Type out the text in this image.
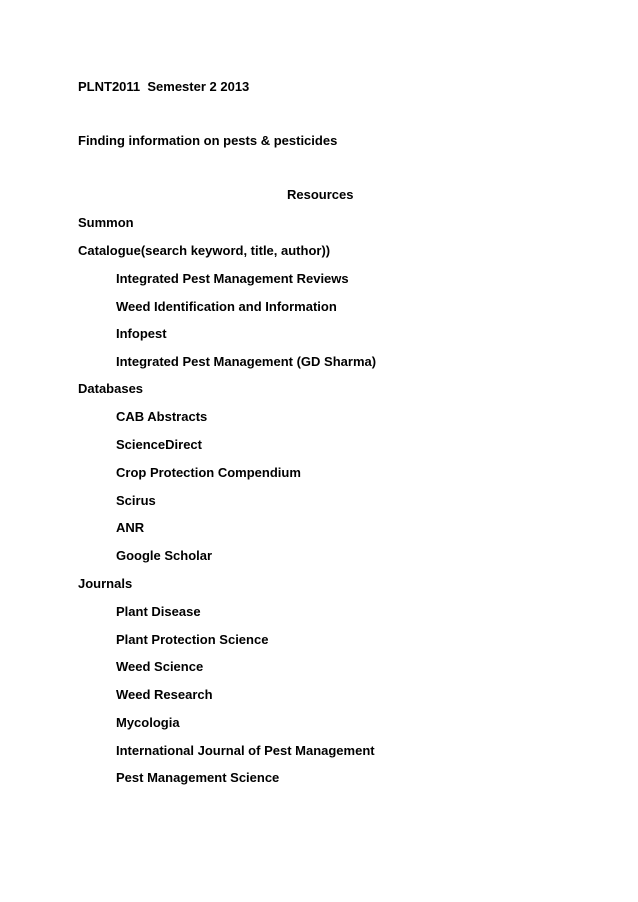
PLNT2011  Semester 2 2013
Finding information on pests & pesticides
Resources
Summon
Catalogue(search keyword, title, author))
Integrated Pest Management Reviews
Weed Identification and Information
Infopest
Integrated Pest Management (GD Sharma)
Databases
CAB Abstracts
ScienceDirect
Crop Protection Compendium
Scirus
ANR
Google Scholar
Journals
Plant Disease
Plant Protection Science
Weed Science
Weed Research
Mycologia
International Journal of Pest Management
Pest Management Science
